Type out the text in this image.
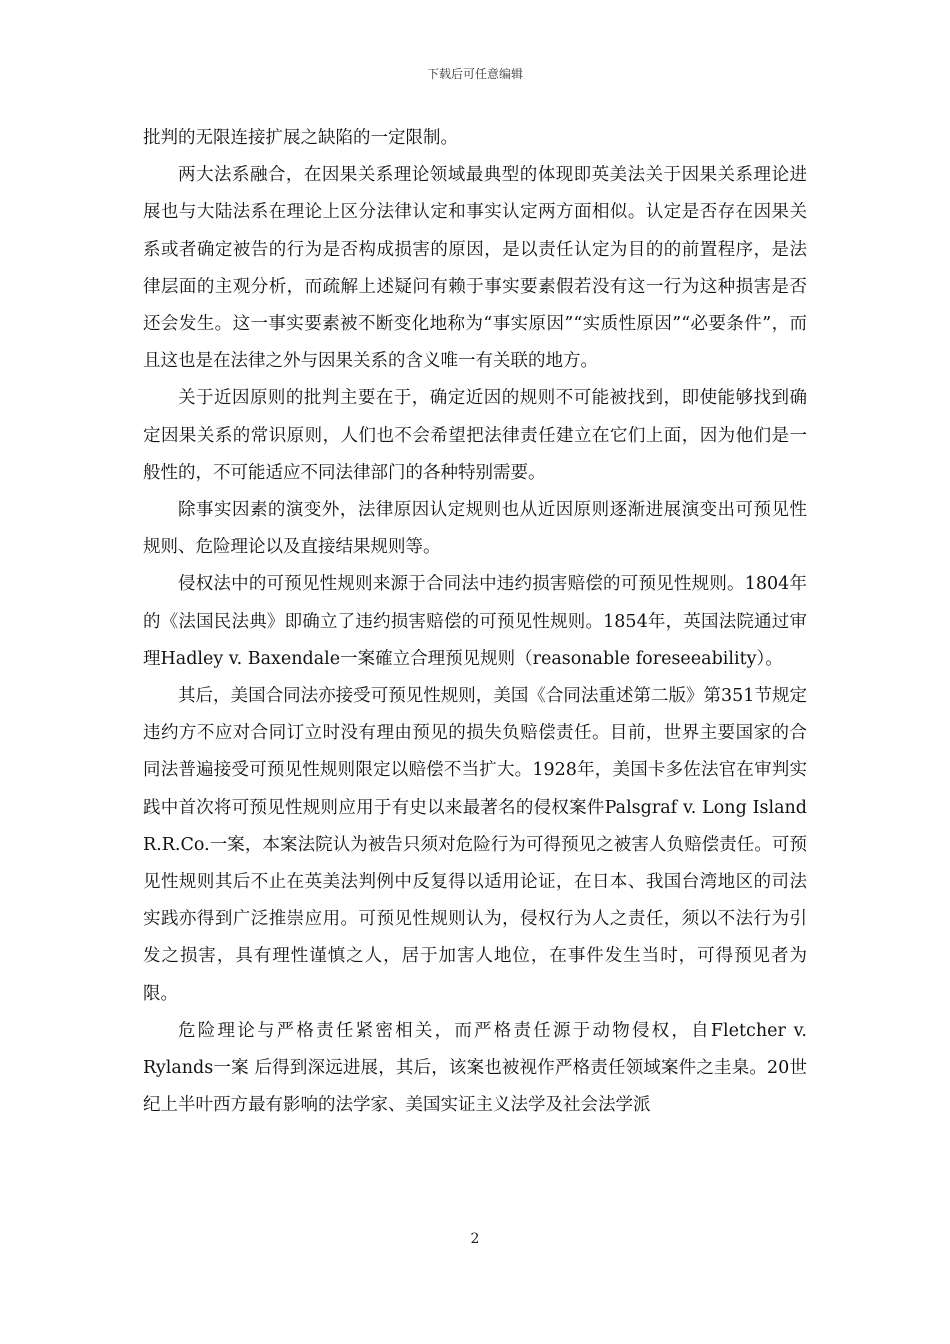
下载后可任意编辑

批判的无限连接扩展之缺陷的一定限制。

两大法系融合，在因果关系理论领域最典型的体现即英美法关于因果关系理论进展也与大陆法系在理论上区分法律认定和事实认定两方面相似。认定是否存在因果关系或者确定被告的行为是否构成损害的原因，是以责任认定为目的的前置程序，是法律层面的主观分析，而疏解上述疑问有赖于事实要素假若没有这一行为这种损害是否还会发生。这一事实要素被不断变化地称为“事实原因”“实质性原因”“必要条件”，而且这也是在法律之外与因果关系的含义唯一有关联的地方。

关于近因原则的批判主要在于，确定近因的规则不可能被找到，即使能够找到确定因果关系的常识原则，人们也不会希望把法律责任建立在它们上面，因为他们是一般性的，不可能适应不同法律部门的各种特别需要。

除事实因素的演变外，法律原因认定规则也从近因原则逐渐进展演变出可预见性规则、危险理论以及直接结果规则等。

侵权法中的可预见性规则来源于合同法中违约损害赔偿的可预见性规则。1804年的《法国民法典》即确立了违约损害赔偿的可预见性规则。1854年，英国法院通过审理Hadley v. Baxendale一案確立合理预见规则（reasonable foreseeability）。

其后，美国合同法亦接受可预见性规则，美国《合同法重述第二版》第351节规定违约方不应对合同订立时没有理由预见的损失负赔偿责任。目前，世界主要国家的合同法普遍接受可预见性规则限定以赔偿不当扩大。1928年，美国卡多佐法官在审判实践中首次将可预见性规则应用于有史以来最著名的侵权案件Palsgraf v. Long Island R.R.Co.一案，本案法院认为被告只须对危险行为可得预见之被害人负赔偿责任。可预见性规则其后不止在英美法判例中反复得以适用论证，在日本、我国台湾地区的司法实践亦得到广泛推崇应用。可预见性规则认为，侵权行为人之责任，须以不法行为引发之损害，具有理性谨慎之人，居于加害人地位，在事件发生当时，可得预见者为限。

危险理论与严格责任紧密相关，而严格责任源于动物侵权，自Fletcher v. Rylands一案 后得到深远进展，其后，该案也被视作严格责任领域案件之圭臬。20世纪上半叶西方最有影响的法学家、美国实证主义法学及社会法学派

2
